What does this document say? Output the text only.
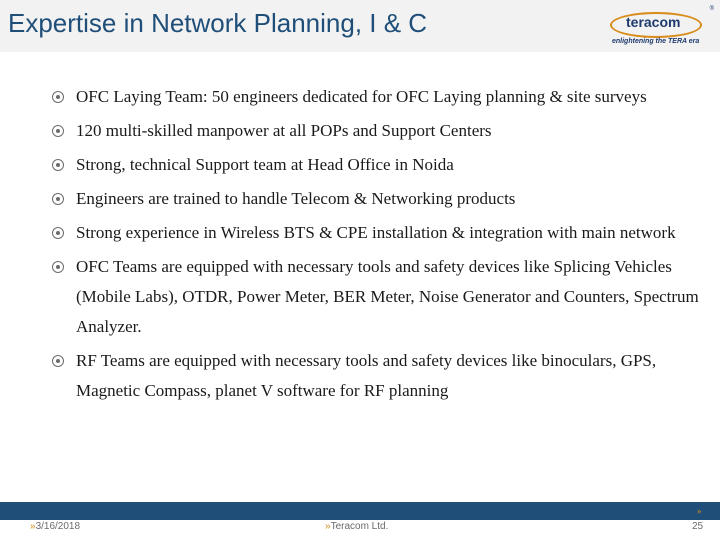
Expertise in Network Planning, I & C	®
teracom
enlightening the TERA era
OFC Laying Team: 50 engineers dedicated for OFC Laying planning & site surveys
120 multi-skilled manpower at all POPs and Support Centers
Strong, technical Support team at Head Office in Noida
Engineers are trained to handle Telecom & Networking products
Strong experience in Wireless BTS & CPE installation & integration with main network
OFC Teams are equipped with necessary tools and safety devices like Splicing Vehicles (Mobile Labs), OTDR, Power Meter, BER Meter, Noise Generator and Counters, Spectrum Analyzer.
RF Teams are equipped with necessary tools and safety devices like binoculars, GPS, Magnetic Compass, planet V software for RF planning
»
»3/16/2018	»Teracom Ltd.	25
